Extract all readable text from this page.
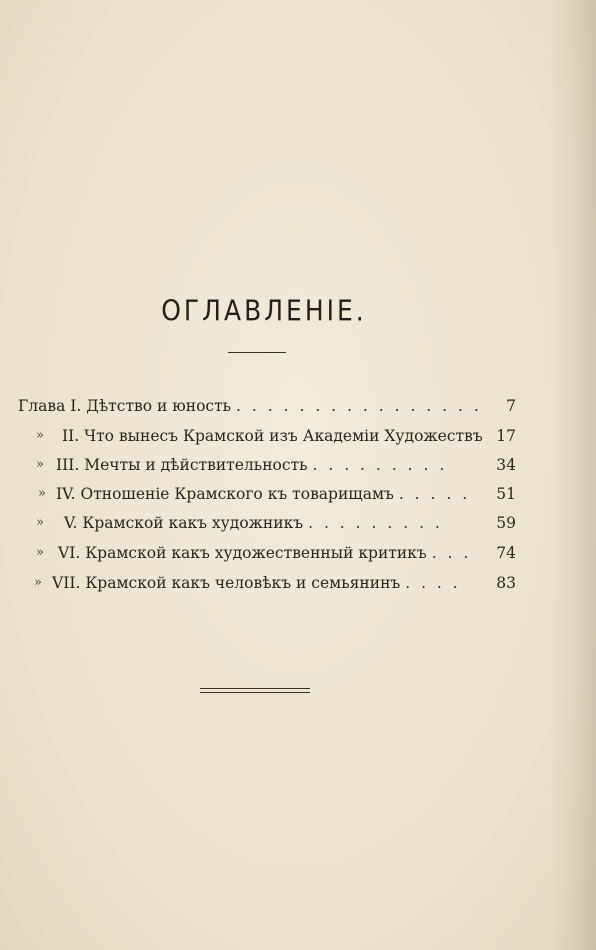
ОГЛАВЛЕНІЕ.
Глава I. Дѣтство и юность . . . . . . . . . . . . . . . . 7
» II. Что вынесъ Крамской изъ Академіи Художествъ 17
» III. Мечты и дѣйствительность . . . . . . . . .	34
» IV. Отношеніе Крамского къ товарищамъ . . . . . 51
» V. Крамской какъ художникъ . . . . . . . . .	59
» VI. Крамской какъ художественный критикъ . . . 74
» VII. Крамской какъ человѣкъ и семьянинъ . . . . 83
